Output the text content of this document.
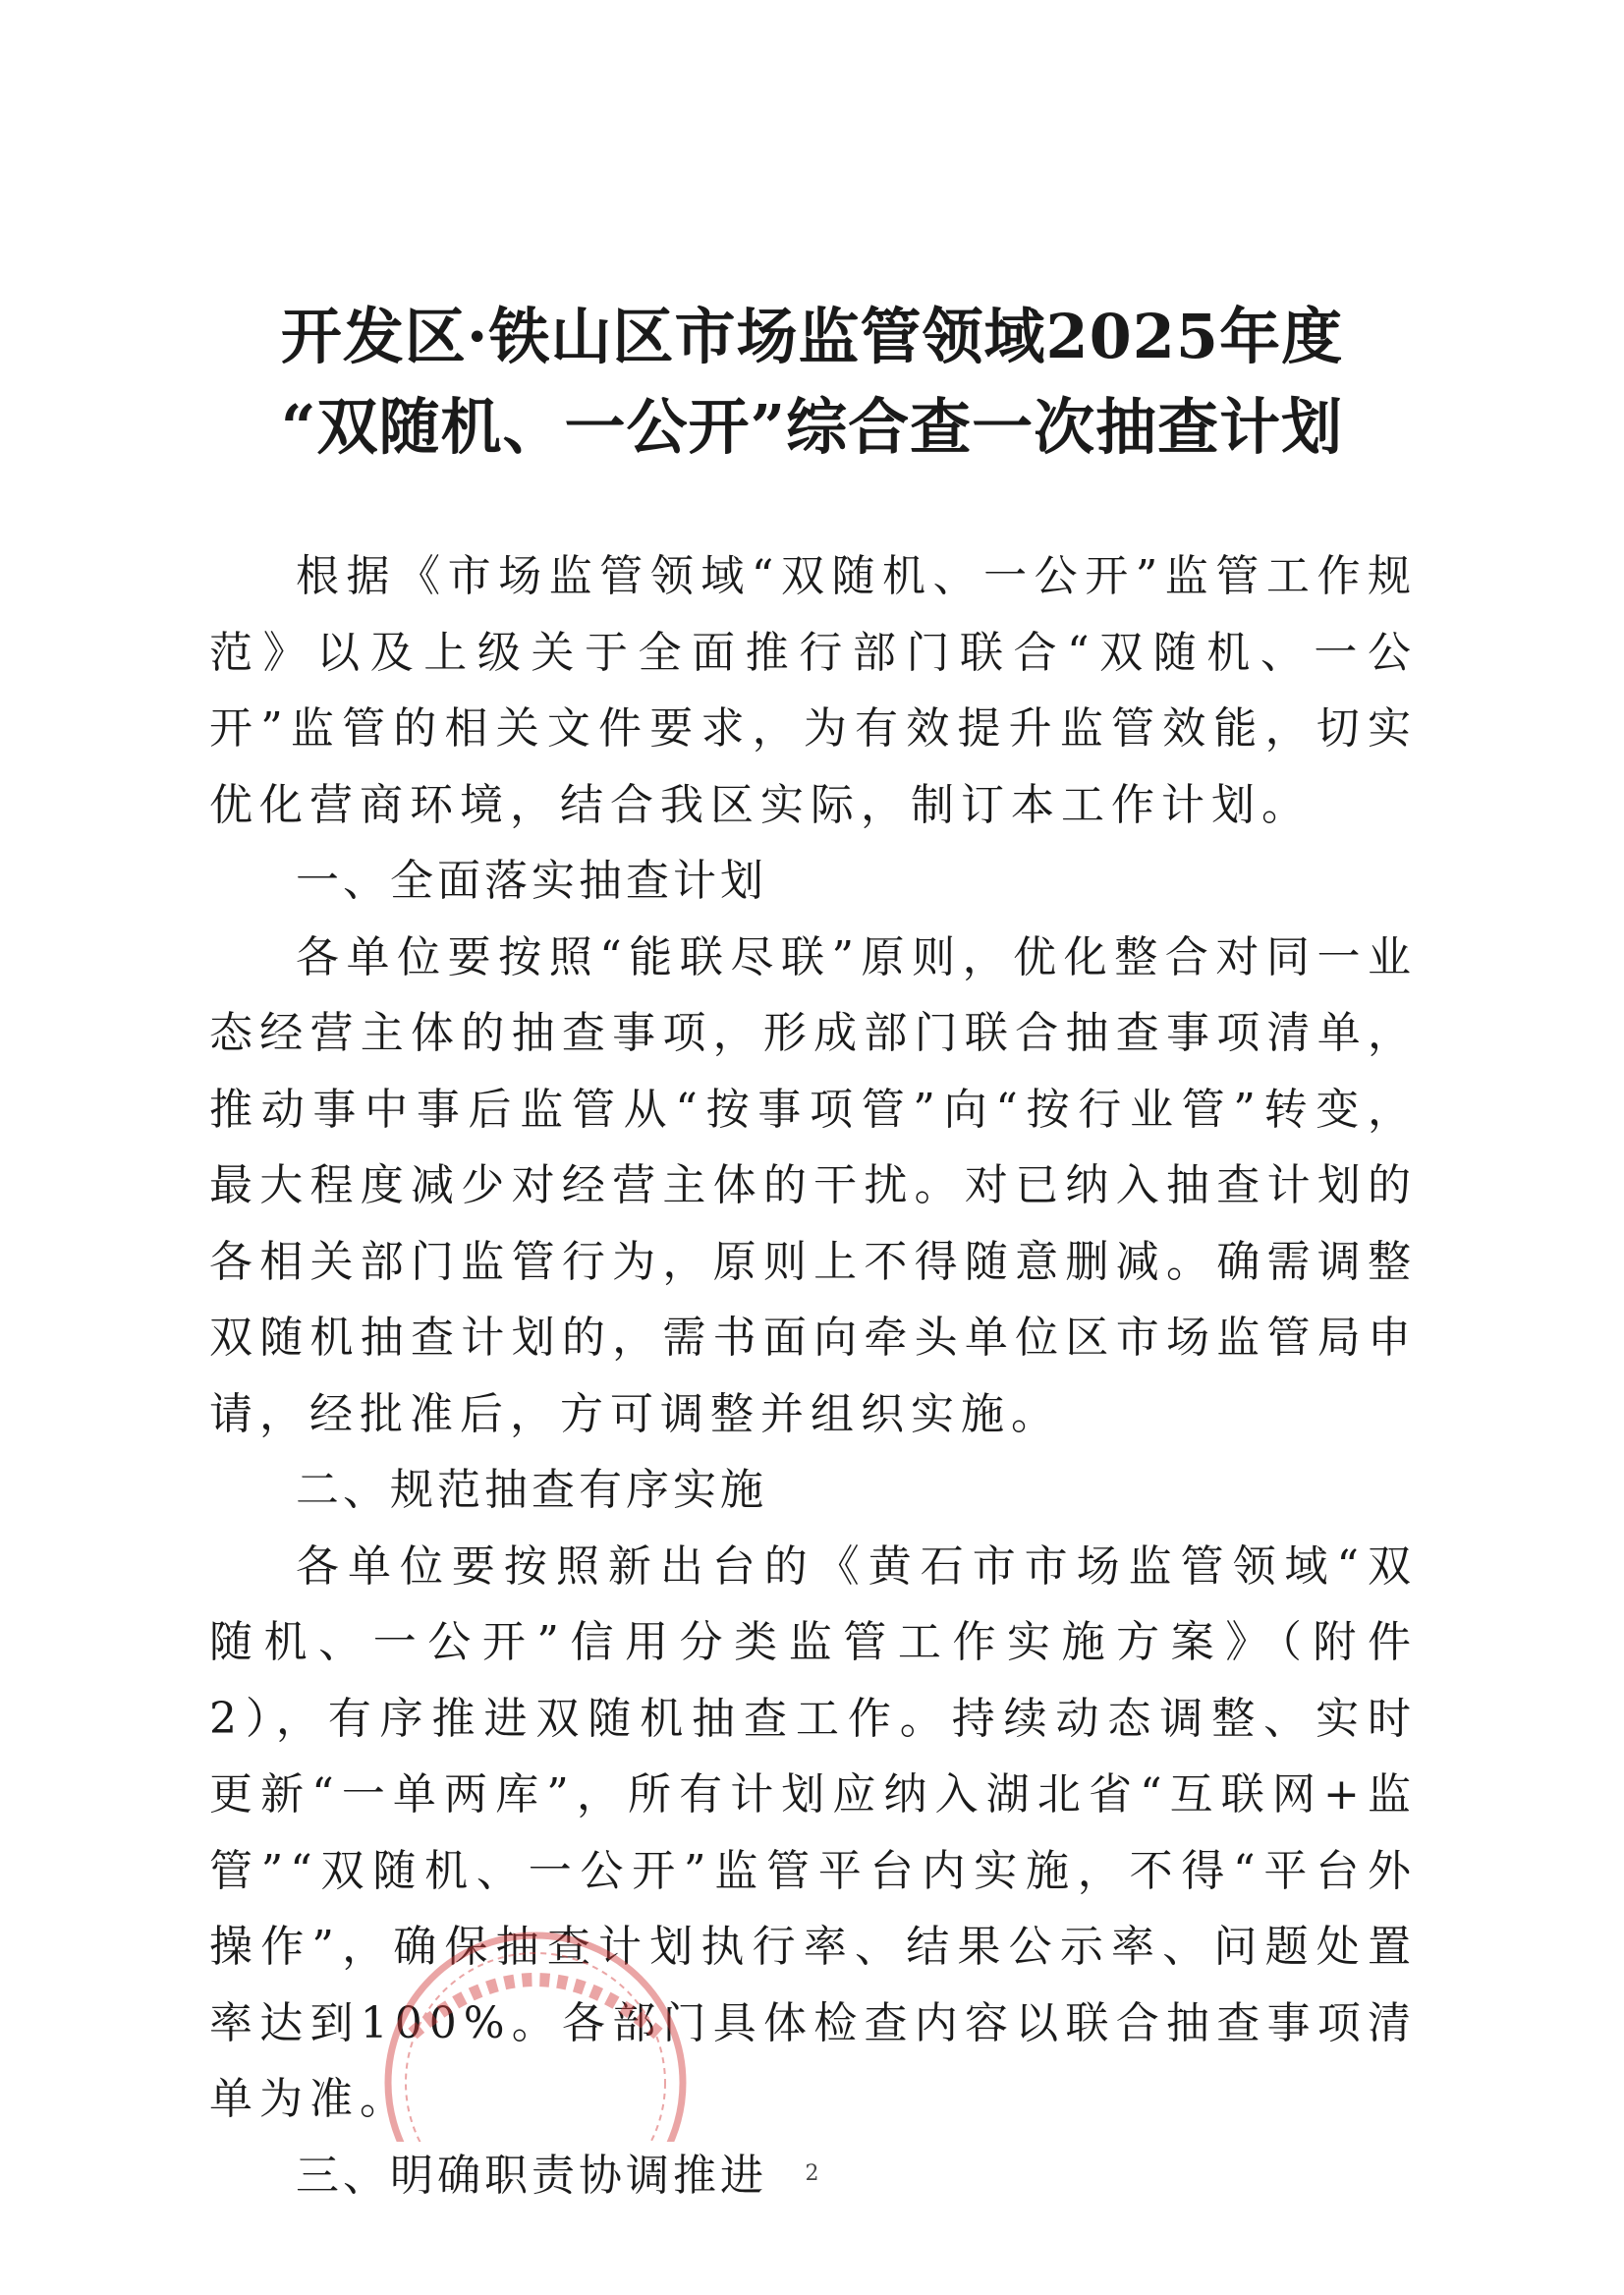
开发区·铁山区市场监管领域2025年度
“双随机、一公开”综合查一次抽查计划

根据《市场监管领域“双随机、一公开”监管工作规范》以及上级关于全面推行部门联合“双随机、一公开”监管的相关文件要求，为有效提升监管效能，切实优化营商环境，结合我区实际，制订本工作计划。

一、全面落实抽查计划

各单位要按照“能联尽联”原则，优化整合对同一业态经营主体的抽查事项，形成部门联合抽查事项清单，推动事中事后监管从“按事项管”向“按行业管”转变，最大程度减少对经营主体的干扰。对已纳入抽查计划的各相关部门监管行为，原则上不得随意删减。确需调整双随机抽查计划的，需书面向牵头单位区市场监管局申请，经批准后，方可调整并组织实施。

二、规范抽查有序实施

各单位要按照新出台的《黄石市市场监管领域“双随机、一公开”信用分类监管工作实施方案》（附件2），有序推进双随机抽查工作。持续动态调整、实时更新“一单两库”，所有计划应纳入湖北省“互联网+监管”“双随机、一公开”监管平台内实施，不得“平台外操作”，确保抽查计划执行率、结果公示率、问题处置率达到100%。各部门具体检查内容以联合抽查事项清单为准。

三、明确职责协调推进	2
